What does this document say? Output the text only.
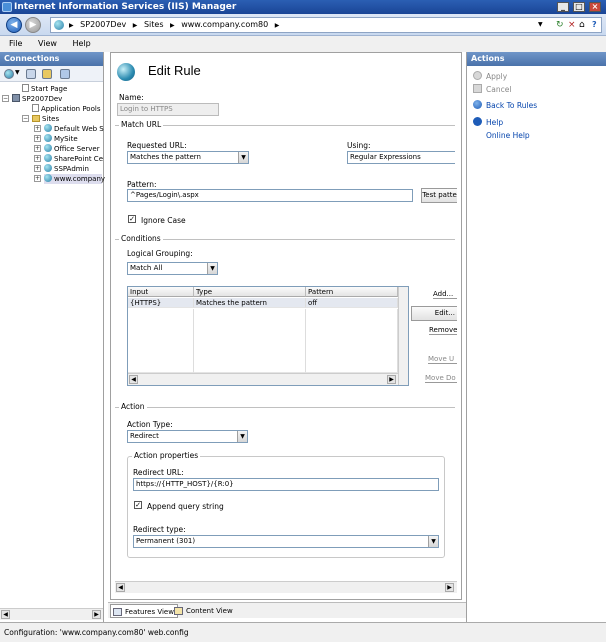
Internet Information Services (IIS) Manager	_	□	×
◀	▶	▶ SP2007Dev ▶ Sites ▶ www.company.com80 ▶	▼ ↻ × ⌂ ?
File View Help
Connections
▼
Start Page
− SP2007Dev
Application Pools
− Sites
+ Default Web S
+ MySite
+ Office Server
+ SharePoint Ce
+ SSPAdmin
+ www.company
◀	▶
Edit Rule
Name:
Login to HTTPS
Match URL
Requested URL:
Matches the pattern	▼
Using:
Regular Expressions
Pattern:
^Pages/Login\.aspx	Test patte
✓ Ignore Case
Conditions
Logical Grouping:
Match All	▼
Input	Type	Pattern
{HTTPS}	Matches the pattern	off
◀	▶
Add...
Edit...
Remove
Move U
Move Do
Action
Action Type:
Redirect	▼
Action properties
Redirect URL:
https://{HTTP_HOST}/{R:0}
✓ Append query string
Redirect type:
Permanent (301)	▼
◀	▶
Features View	Content View
Actions
Apply
Cancel
Back To Rules
Help
Online Help
Configuration: 'www.company.com80' web.config
